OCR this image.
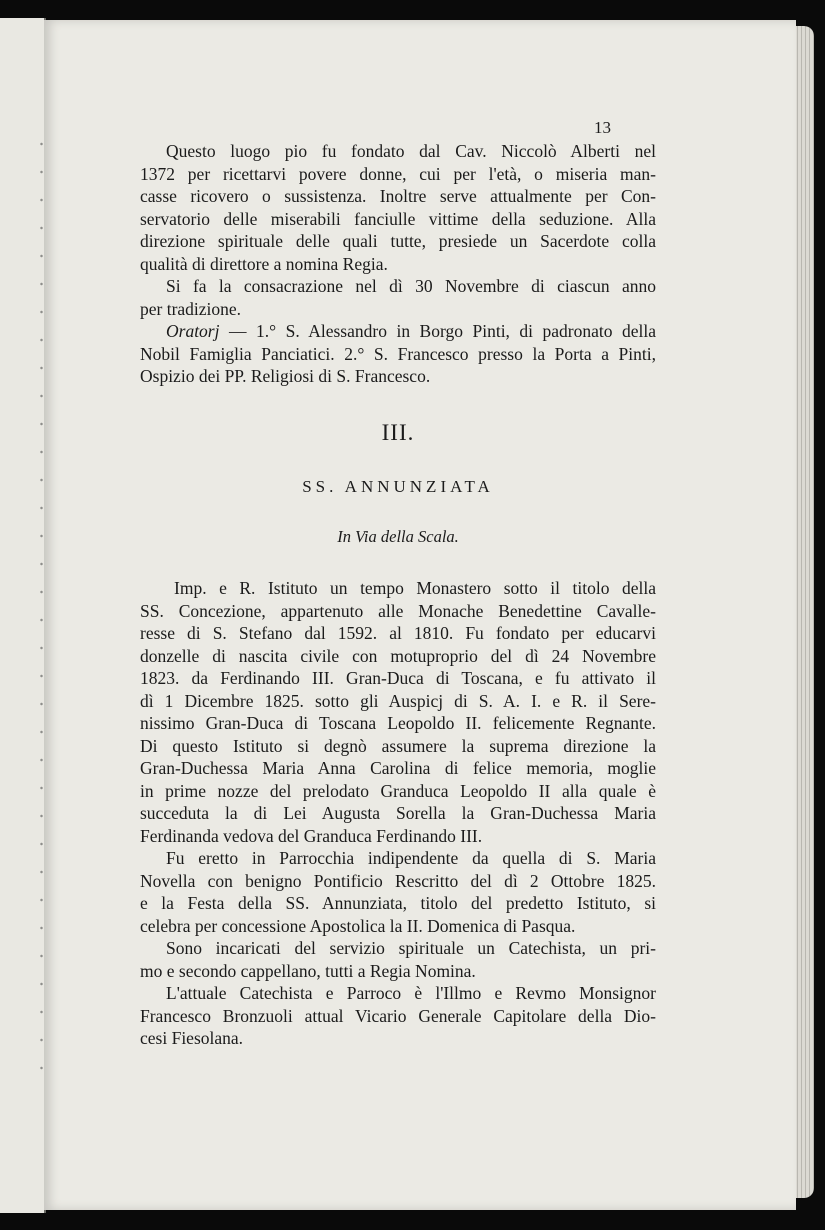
13
Questo luogo pio fu fondato dal Cav. Niccolò Alberti nel
1372 per ricettarvi povere donne, cui per l'età, o miseria man-
casse ricovero o sussistenza. Inoltre serve attualmente per Con-
servatorio delle miserabili fanciulle vittime della seduzione. Alla
direzione spirituale delle quali tutte, presiede un Sacerdote colla
qualità di direttore a nomina Regia.
Si fa la consacrazione nel dì 30 Novembre di ciascun anno
per tradizione.
Oratorj — 1.° S. Alessandro in Borgo Pinti, di padronato della
Nobil Famiglia Panciatici. 2.° S. Francesco presso la Porta a Pinti,
Ospizio dei PP. Religiosi di S. Francesco.
III.
SS. ANNUNZIATA
In Via della Scala.
Imp. e R. Istituto un tempo Monastero sotto il titolo della
SS. Concezione, appartenuto alle Monache Benedettine Cavalle-
resse di S. Stefano dal 1592. al 1810. Fu fondato per educarvi
donzelle di nascita civile con motuproprio del dì 24 Novembre
1823. da Ferdinando III. Gran-Duca di Toscana, e fu attivato il
dì 1 Dicembre 1825. sotto gli Auspicj di S. A. I. e R. il Sere-
nissimo Gran-Duca di Toscana Leopoldo II. felicemente Regnante.
Di questo Istituto si degnò assumere la suprema direzione la
Gran-Duchessa Maria Anna Carolina di felice memoria, moglie
in prime nozze del prelodato Granduca Leopoldo II alla quale è
succeduta la di Lei Augusta Sorella la Gran-Duchessa Maria
Ferdinanda vedova del Granduca Ferdinando III.
Fu eretto in Parrocchia indipendente da quella di S. Maria
Novella con benigno Pontificio Rescritto del dì 2 Ottobre 1825.
e la Festa della SS. Annunziata, titolo del predetto Istituto, si
celebra per concessione Apostolica la II. Domenica di Pasqua.
Sono incaricati del servizio spirituale un Catechista, un pri-
mo e secondo cappellano, tutti a Regia Nomina.
L'attuale Catechista e Parroco è l'Illmo e Revmo Monsignor
Francesco Bronzuoli attual Vicario Generale Capitolare della Dio-
cesi Fiesolana.
